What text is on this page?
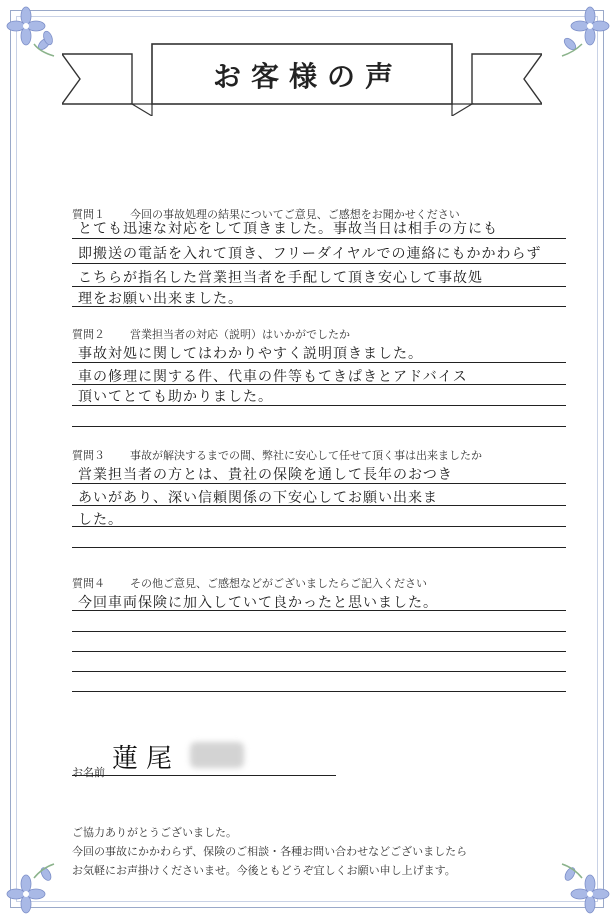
お客様の声
質問１ 今回の事故処理の結果についてご意見、ご感想をお聞かせください
とても迅速な対応をして頂きました。事故当日は相手の方にも
即搬送の電話を入れて頂き、フリーダイヤルでの連絡にもかかわらず
こちらが指名した営業担当者を手配して頂き安心して事故処
理をお願い出来ました。
質問２ 営業担当者の対応（説明）はいかがでしたか
事故対処に関してはわかりやすく説明頂きました。
車の修理に関する件、代車の件等もてきぱきとアドバイス
頂いてとても助かりました。
質問３ 事故が解決するまでの間、弊社に安心して任せて頂く事は出来ましたか
営業担当者の方とは、貴社の保険を通して長年のおつき
あいがあり、深い信頼関係の下安心してお願い出来ま
した。
質問４ その他ご意見、ご感想などがございましたらご記入ください
今回車両保険に加入していて良かったと思いました。
お名前 蓮尾
ご協力ありがとうございました。
今回の事故にかかわらず、保険のご相談・各種お問い合わせなどございましたら
お気軽にお声掛けくださいませ。今後ともどうぞ宜しくお願い申し上げます。
